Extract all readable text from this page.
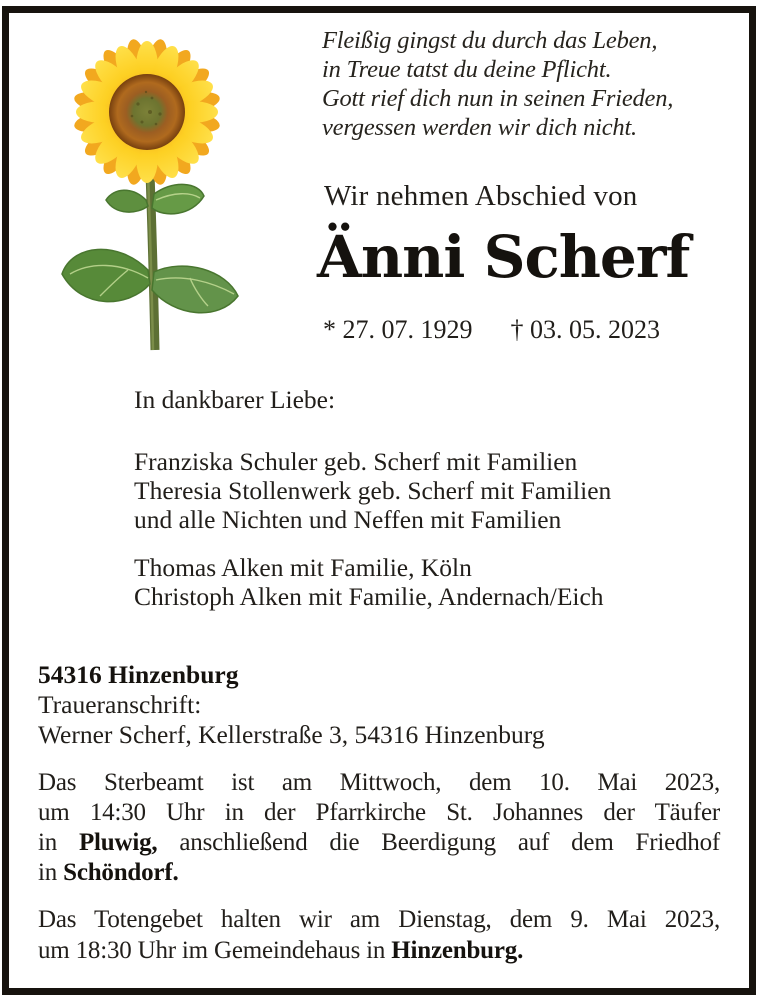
Fleißig gingst du durch das Leben,
in Treue tatst du deine Pflicht.
Gott rief dich nun in seinen Frieden,
vergessen werden wir dich nicht.
Wir nehmen Abschied von
Änni Scherf
* 27. 07. 1929 † 03. 05. 2023
In dankbarer Liebe:
Franziska Schuler geb. Scherf mit Familien
Theresia Stollenwerk geb. Scherf mit Familien
und alle Nichten und Neffen mit Familien
Thomas Alken mit Familie, Köln
Christoph Alken mit Familie, Andernach/Eich
54316 Hinzenburg
Traueranschrift:
Werner Scherf, Kellerstraße 3, 54316 Hinzenburg
Das Sterbeamt ist am Mittwoch, dem 10. Mai 2023,
um 14:30 Uhr in der Pfarrkirche St. Johannes der Täufer
in Pluwig, anschließend die Beerdigung auf dem Friedhof
in Schöndorf.
Das Totengebet halten wir am Dienstag, dem 9. Mai 2023,
um 18:30 Uhr im Gemeindehaus in Hinzenburg.
